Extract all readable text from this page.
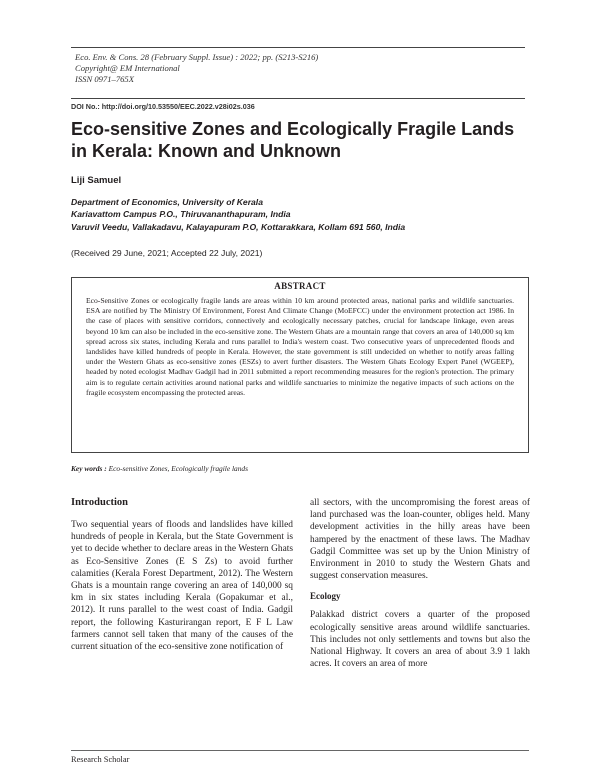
Eco. Env. & Cons. 28 (February Suppl. Issue) : 2022; pp. (S213-S216)
Copyright@ EM International
ISSN 0971–765X
DOI No.: http://doi.org/10.53550/EEC.2022.v28i02s.036
Eco-sensitive Zones and Ecologically Fragile Lands in Kerala: Known and Unknown
Liji Samuel
Department of Economics, University of Kerala
Kariavattom Campus P.O., Thiruvananthapuram, India
Varuvil Veedu, Vallakadavu, Kalayapuram P.O, Kottarakkara, Kollam 691 560, India
(Received 29 June, 2021; Accepted 22 July, 2021)

ABSTRACT

Eco-Sensitive Zones or ecologically fragile lands are areas within 10 km around protected areas, national parks and wildlife sanctuaries. ESA are notified by The Ministry Of Environment, Forest And Climate Change (MoEFCC) under the environment protection act 1986. In the case of places with sensitive corridors, connectively and ecologically necessary patches, crucial for landscape linkage, even areas beyond 10 km can also be included in the eco-sensitive zone. The Western Ghats are a mountain range that covers an area of 140,000 sq km spread across six states, including Kerala and runs parallel to India's western coast. Two consecutive years of unprecedented floods and landslides have killed hundreds of people in Kerala. However, the state government is still undecided on whether to notify areas falling under the Western Ghats as eco-sensitive zones (ESZs) to avert further disasters. The Western Ghats Ecology Expert Panel (WGEEP), headed by noted ecologist Madhav Gadgil had in 2011 submitted a report recommending measures for the region's protection. The primary aim is to regulate certain activities around national parks and wildlife sanctuaries to minimize the negative impacts of such actions on the fragile ecosystem encompassing the protected areas.

Key words : Eco-sensitive Zones, Ecologically fragile lands

Introduction

Two sequential years of floods and landslides have killed hundreds of people in Kerala, but the State Government is yet to decide whether to declare areas in the Western Ghats as Eco-Sensitive Zones (E S Zs) to avoid further calamities (Kerala Forest Department, 2012). The Western Ghats is a mountain range covering an area of 140,000 sq km in six states including Kerala (Gopakumar et al., 2012). It runs parallel to the west coast of India. Gadgil report, the following Kasturirangan report, E F L Law farmers cannot sell taken that many of the causes of the current situation of the eco-sensitive zone notification of

all sectors, with the uncompromising the forest areas of land purchased was the loan-counter, obliges held. Many development activities in the hilly areas have been hampered by the enactment of these laws. The Madhav Gadgil Committee was set up by the Union Ministry of Environment in 2010 to study the Western Ghats and suggest conservation measures.

Ecology

Palakkad district covers a quarter of the proposed ecologically sensitive areas around wildlife sanctuaries. This includes not only settlements and towns but also the National Highway. It covers an area of about 3.9 1 lakh acres. It covers an area of more

Research Scholar
